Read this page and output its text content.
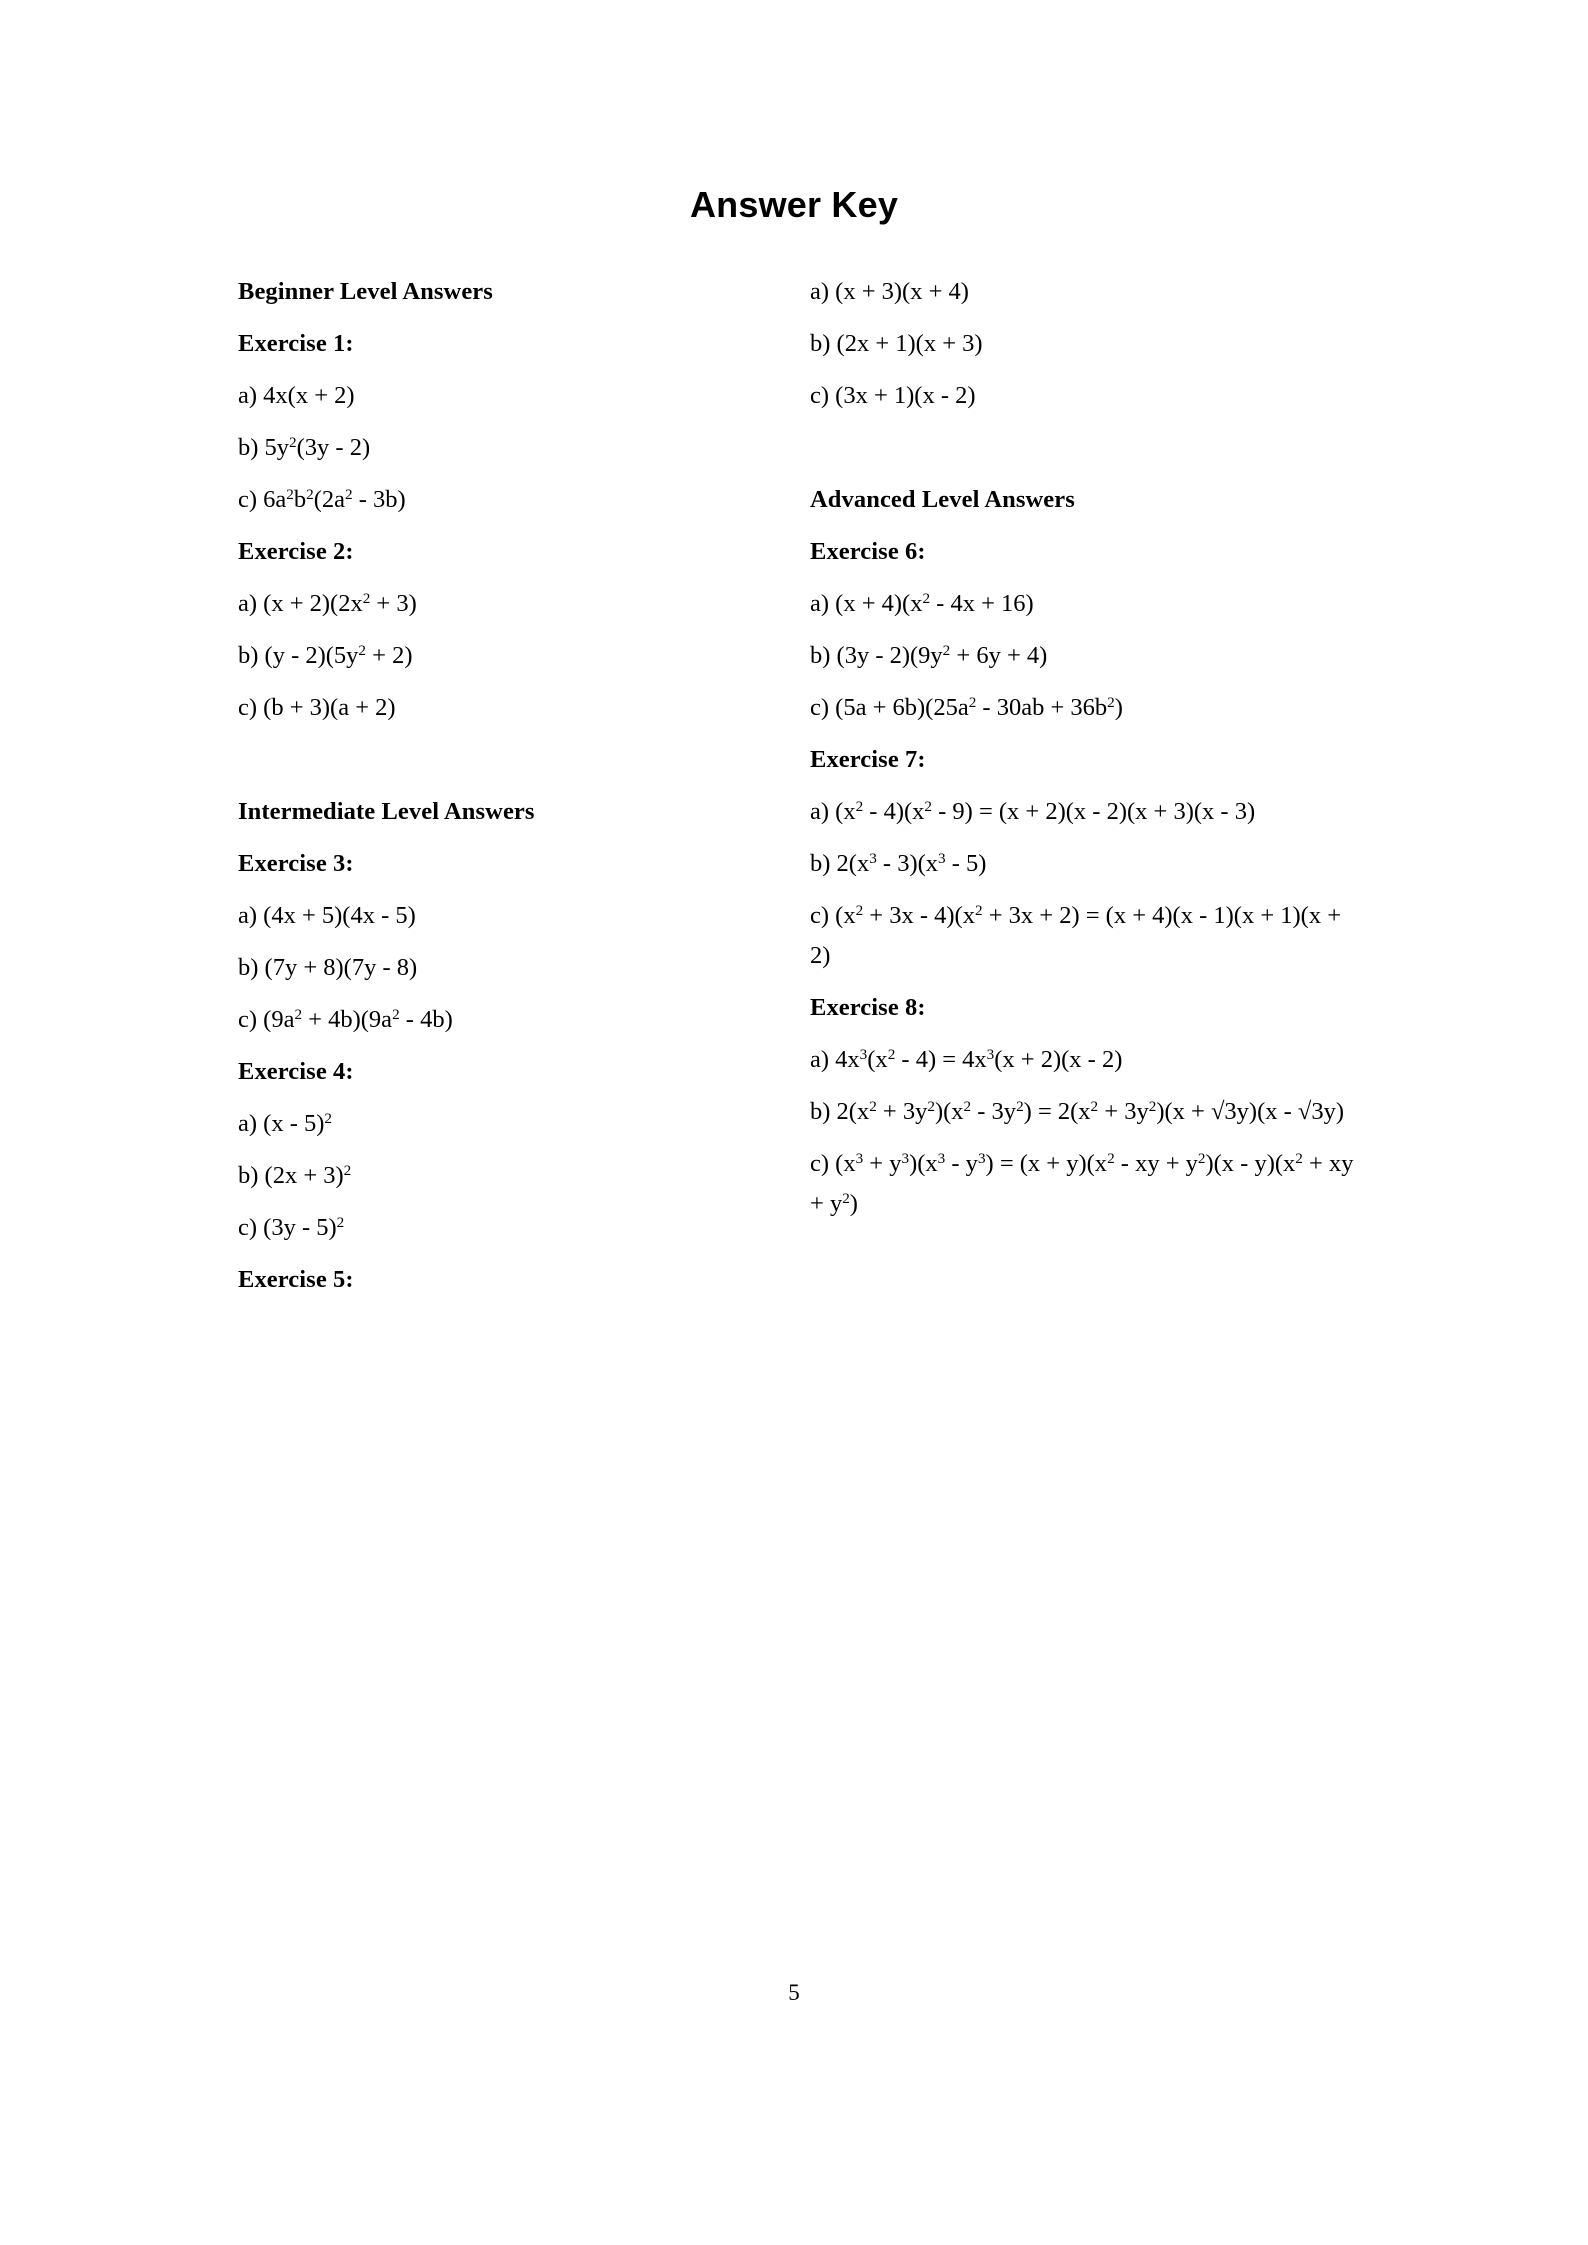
Answer Key
Beginner Level Answers
Exercise 1:
a) 4x(x + 2)
b) $5y^2(3y - 2)$
c) $6a^2b^2(2a^2 - 3b)$
Exercise 2:
a) $(x + 2)(2x^2 + 3)$
b) $(y - 2)(5y^2 + 2)$
c) (b + 3)(a + 2)
Intermediate Level Answers
Exercise 3:
a) (4x + 5)(4x - 5)
b) (7y + 8)(7y - 8)
c) $(9a^2 + 4b)(9a^2 - 4b)$
Exercise 4:
a) (x - 5)$^2$
b) $(2x + 3)^2$
c) (3y - 5)$^2$
Exercise 5:
a) (x + 3)(x + 4)
b) (2x + 1)(x + 3)
c) (3x + 1)(x - 2)
Advanced Level Answers
Exercise 6:
a) $(x + 4)(x^2 - 4x + 16)$
b) $(3y - 2)(9y^2 + 6y + 4)$
c) $(5a + 6b)(25a^2 - 30ab + 36b^2)$
Exercise 7:
a) $(x^2 - 4)(x^2 - 9) = (x + 2)(x - 2)(x + 3)(x - 3)$
b) $2(x^3 - 3)(x^3 - 5)$
c) $(x^2 + 3x - 4)(x^2 + 3x + 2) = (x + 4)(x - 1)(x + 1)(x + 2)$
Exercise 8:
a) $4x^3(x^2 - 4) = 4x^3(x + 2)(x - 2)$
b) $2(x^2 + 3y^2)(x^2 - 3y^2) = 2(x^2 + 3y^2)(x + √3y)(x - √3y)$
c) $(x^3 + y^3)(x^3 - y^3) = (x + y)(x^2$ - xy + $y^2)(x - y)(x^2$ + xy + $y^2$)
5
